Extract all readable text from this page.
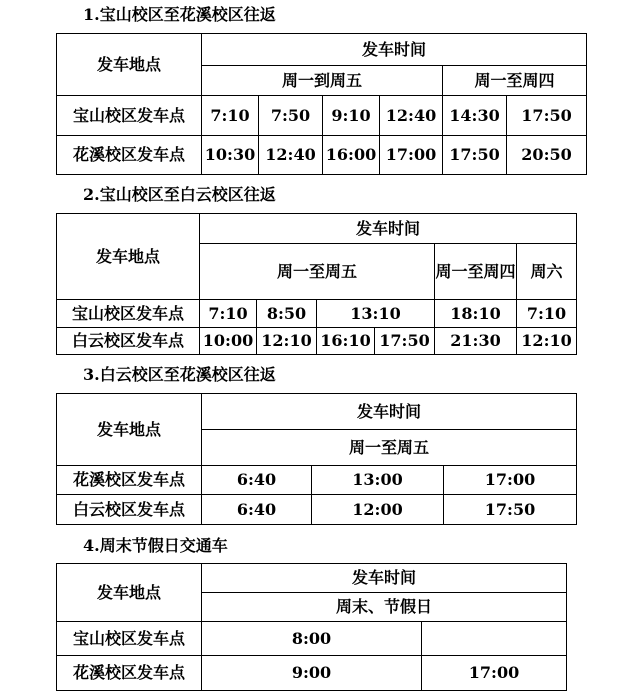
1.宝山校区至花溪校区往返
发车地点	发车时间					
	周一到周五				周一至周四	
宝山校区发车点	7:10	7:50	9:10	12:40	14:30	17:50
花溪校区发车点	10:30	12:40	16:00	17:00	17:50	20:50
2.宝山校区至白云校区往返
发车地点	发车时间					
	周一至周五				周一至周四	周六

宝山校区发车点	7:10	8:50	13:10		18:10	7:10
白云校区发车点	10:00	12:10	16:10	17:50	21:30	12:10
3.白云校区至花溪校区往返
发车地点	发车时间		
	周一至周五		
花溪校区发车点	6:40	13:00	17:00
白云校区发车点	6:40	12:00	17:50
4.周末节假日交通车
发车地点	发车时间	
	周末、节假日	
宝山校区发车点	8:00	
花溪校区发车点	9:00	17:00
